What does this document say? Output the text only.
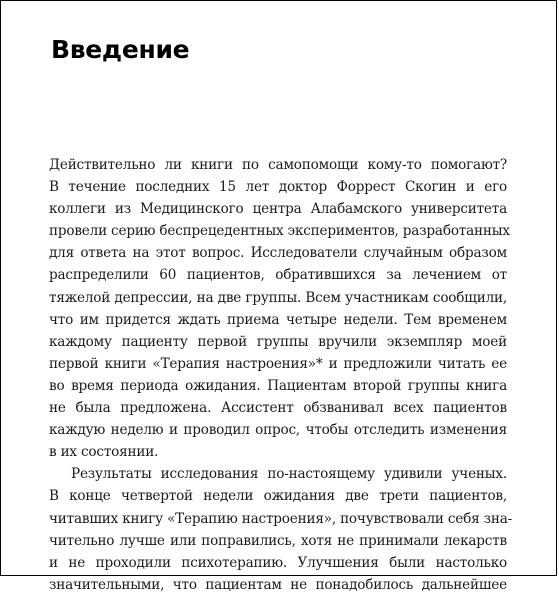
Введение
Действительно ли книги по самопомощи кому-то помогают?
В течение последних 15 лет доктор Форрест Скогин и его
коллеги из Медицинского центра Алабамского университета
провели серию беспрецедентных экспериментов, разработанных
для ответа на этот вопрос. Исследователи случайным образом
распределили 60 пациентов, обратившихся за лечением от
тяжелой депрессии, на две группы. Всем участникам сообщили,
что им придется ждать приема четыре недели. Тем временем
каждому пациенту первой группы вручили экземпляр моей
первой книги «Терапия настроения»* и предложили читать ее
во время периода ожидания. Пациентам второй группы книга
не была предложена. Ассистент обзванивал всех пациентов
каждую неделю и проводил опрос, чтобы отследить изменения
в их состоянии.
Результаты исследования по-настоящему удивили ученых.
В конце четвертой недели ожидания две трети пациентов,
читавших книгу «Терапию настроения», почувствовали себя зна-
чительно лучше или поправились, хотя не принимали лекарств
и не проходили психотерапию. Улучшения были настолько
значительными, что пациентам не понадобилось дальнейшее
